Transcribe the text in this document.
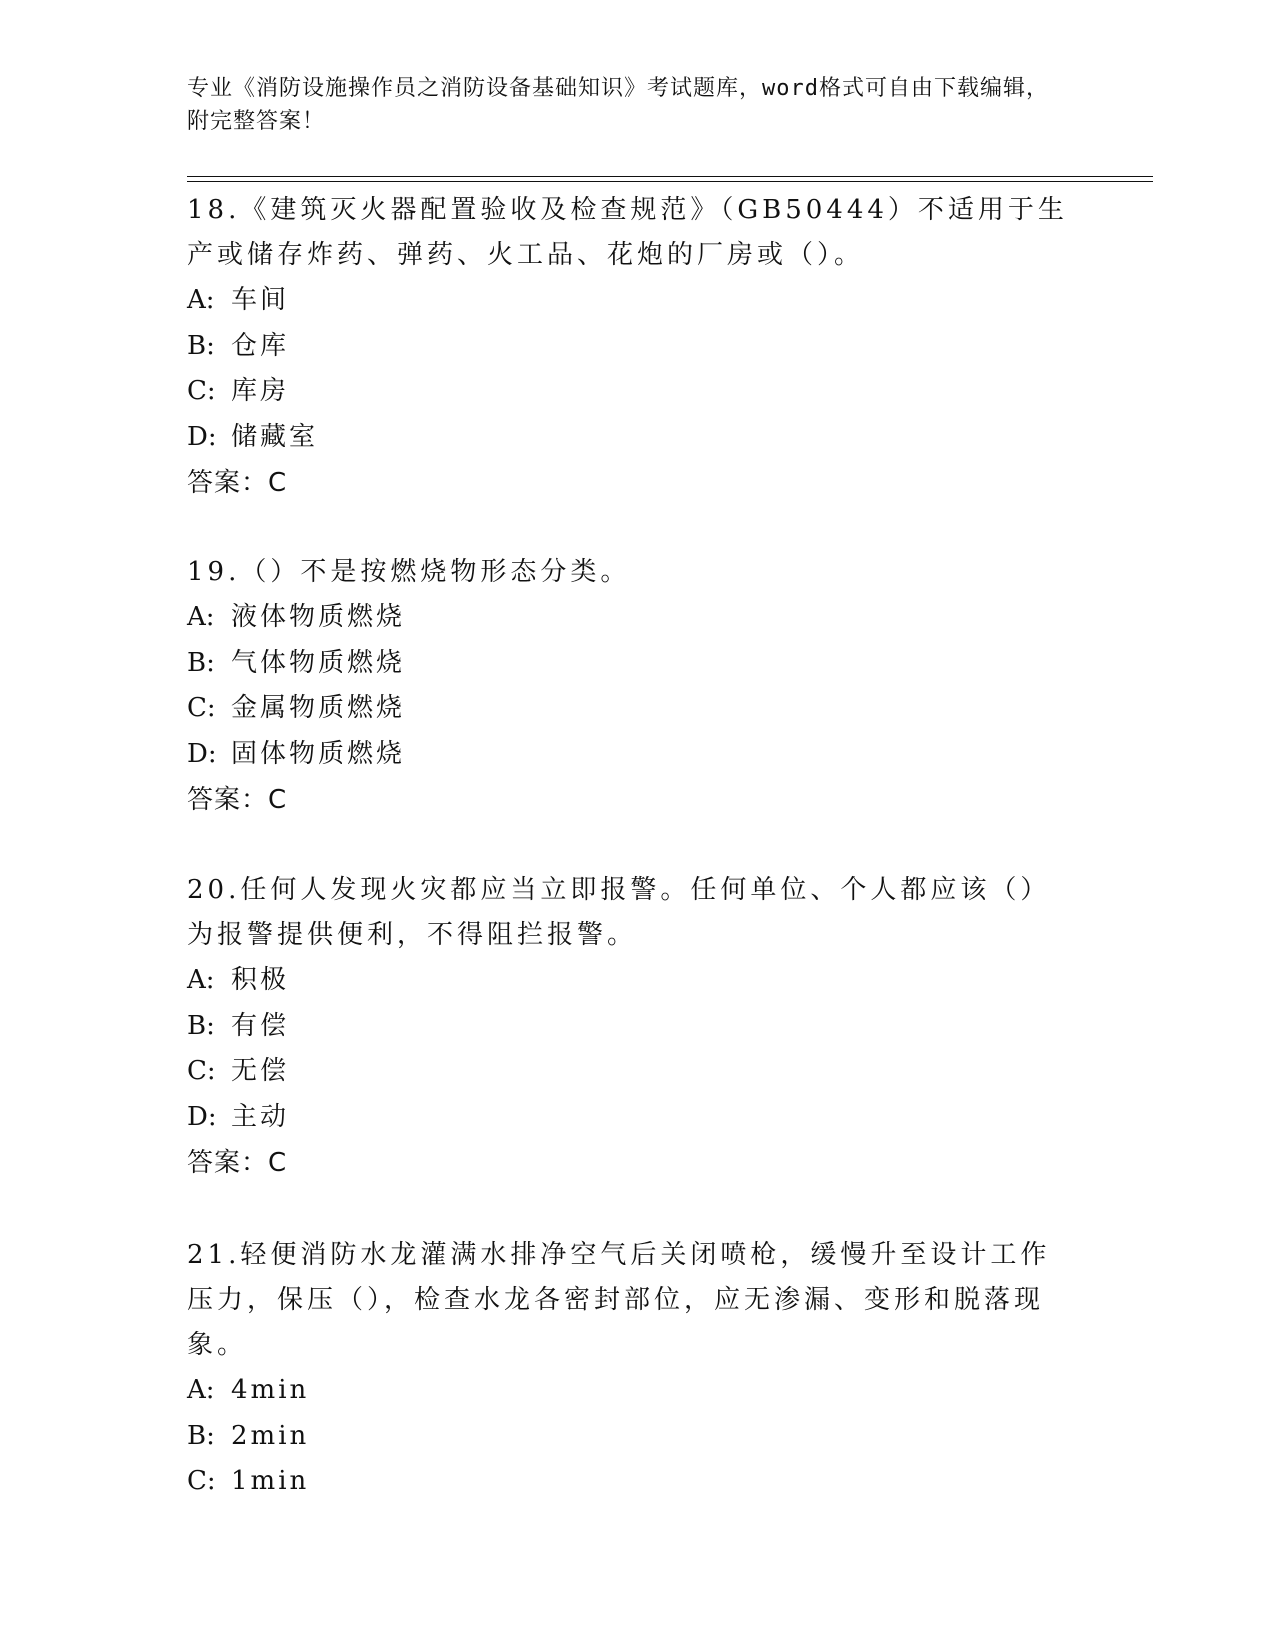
专业《消防设施操作员之消防设备基础知识》考试题库，word格式可自由下载编辑，附完整答案！

18.《建筑灭火器配置验收及检查规范》（GB50444）不适用于生产或储存炸药、弹药、火工品、花炮的厂房或（）。

A: 车间

B: 仓库

C: 库房

D: 储藏室

答案：C

19.（）不是按燃烧物形态分类。

A: 液体物质燃烧

B: 气体物质燃烧

C: 金属物质燃烧

D: 固体物质燃烧

答案：C

20.任何人发现火灾都应当立即报警。任何单位、个人都应该（）为报警提供便利，不得阻拦报警。

A: 积极

B: 有偿

C: 无偿

D: 主动

答案：C

21.轻便消防水龙灌满水排净空气后关闭喷枪，缓慢升至设计工作压力，保压（），检查水龙各密封部位，应无渗漏、变形和脱落现象。

A: 4min

B: 2min

C: 1min
